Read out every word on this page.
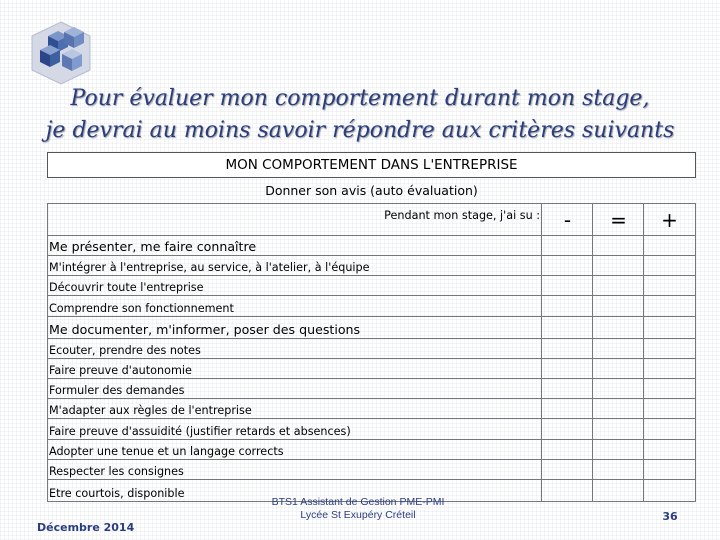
Pour évaluer mon comportement durant mon stage,
je devrai au moins savoir répondre aux critères suivants
MON COMPORTEMENT DANS L'ENTREPRISE
Donner son avis (auto évaluation)
Pendant mon stage, j'ai su :	-	=	+
Me présenter, me faire connaître
M'intégrer à l'entreprise, au service, à l'atelier, à l'équipe
Découvrir toute l'entreprise
Comprendre son fonctionnement
Me documenter, m'informer, poser des questions
Ecouter, prendre des notes
Faire preuve d'autonomie
Formuler des demandes
M'adapter aux règles de l'entreprise
Faire preuve d'assuidité (justifier retards et absences)
Adopter une tenue et un langage corrects
Respecter les consignes
Etre courtois, disponible
Décembre 2014
BTS1 Assistant de Gestion PME-PMI
Lycée St Exupéry Créteil	36
